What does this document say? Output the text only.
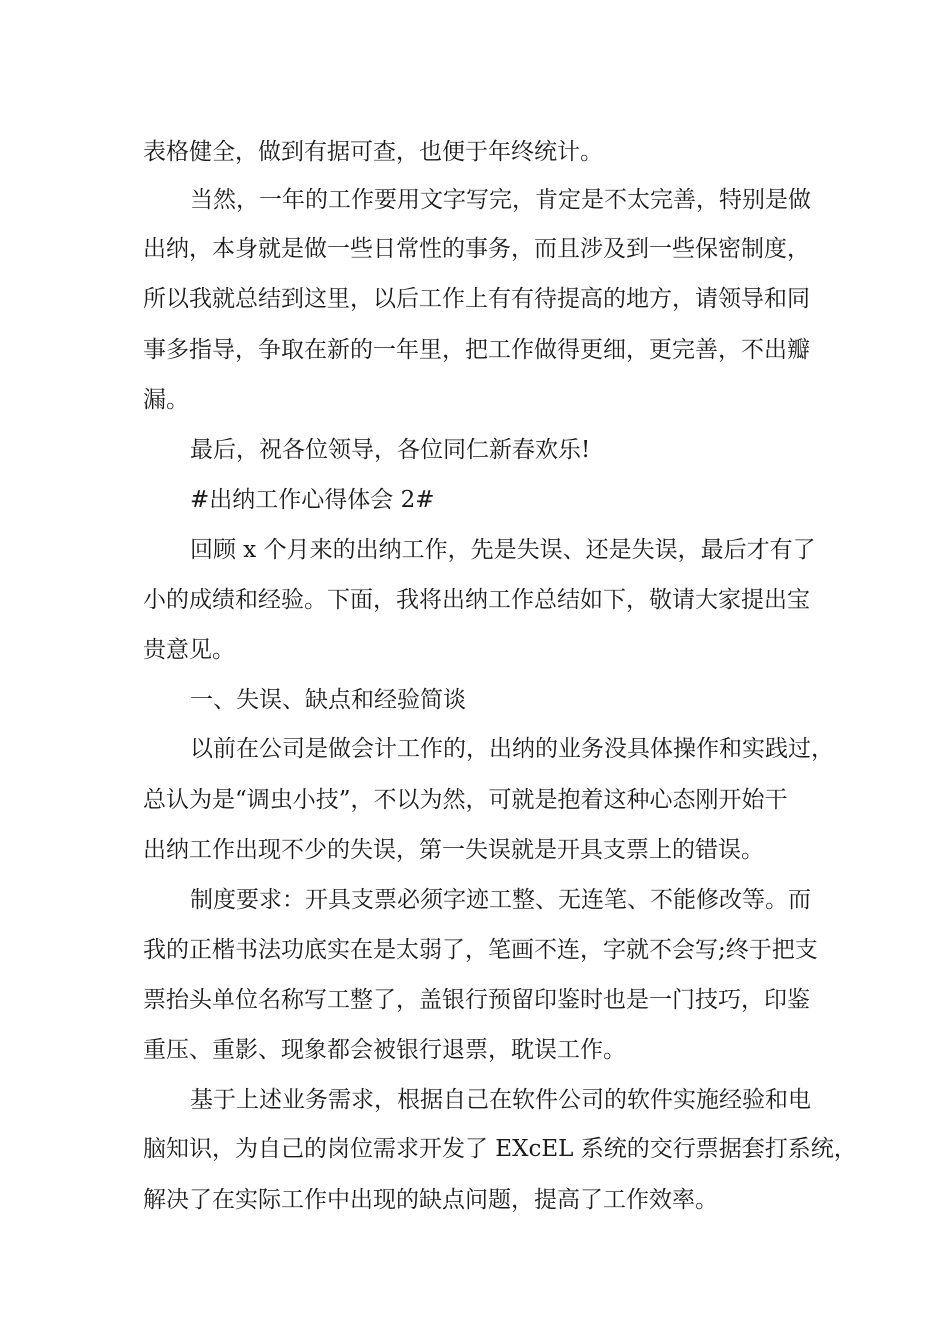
表格健全，做到有据可查，也便于年终统计。
当然，一年的工作要用文字写完，肯定是不太完善，特别是做
出纳，本身就是做一些日常性的事务，而且涉及到一些保密制度，
所以我就总结到这里，以后工作上有有待提高的地方，请领导和同
事多指导，争取在新的一年里，把工作做得更细，更完善，不出瓣
漏。
最后，祝各位领导，各位同仁新春欢乐!
#出纳工作心得体会 2#
回顾 x 个月来的出纳工作，先是失误、还是失误，最后才有了
小的成绩和经验。下面，我将出纳工作总结如下，敬请大家提出宝
贵意见。
一、失误、缺点和经验简谈
以前在公司是做会计工作的，出纳的业务没具体操作和实践过，
总认为是“调虫小技”，不以为然，可就是抱着这种心态刚开始干
出纳工作出现不少的失误，第一失误就是开具支票上的错误。
制度要求：开具支票必须字迹工整、无连笔、不能修改等。而
我的正楷书法功底实在是太弱了，笔画不连，字就不会写;终于把支
票抬头单位名称写工整了，盖银行预留印鉴时也是一门技巧，印鉴
重压、重影、现象都会被银行退票，耽误工作。
基于上述业务需求，根据自己在软件公司的软件实施经验和电
脑知识，为自己的岗位需求开发了 EXcEL 系统的交行票据套打系统，
解决了在实际工作中出现的缺点问题，提高了工作效率。
